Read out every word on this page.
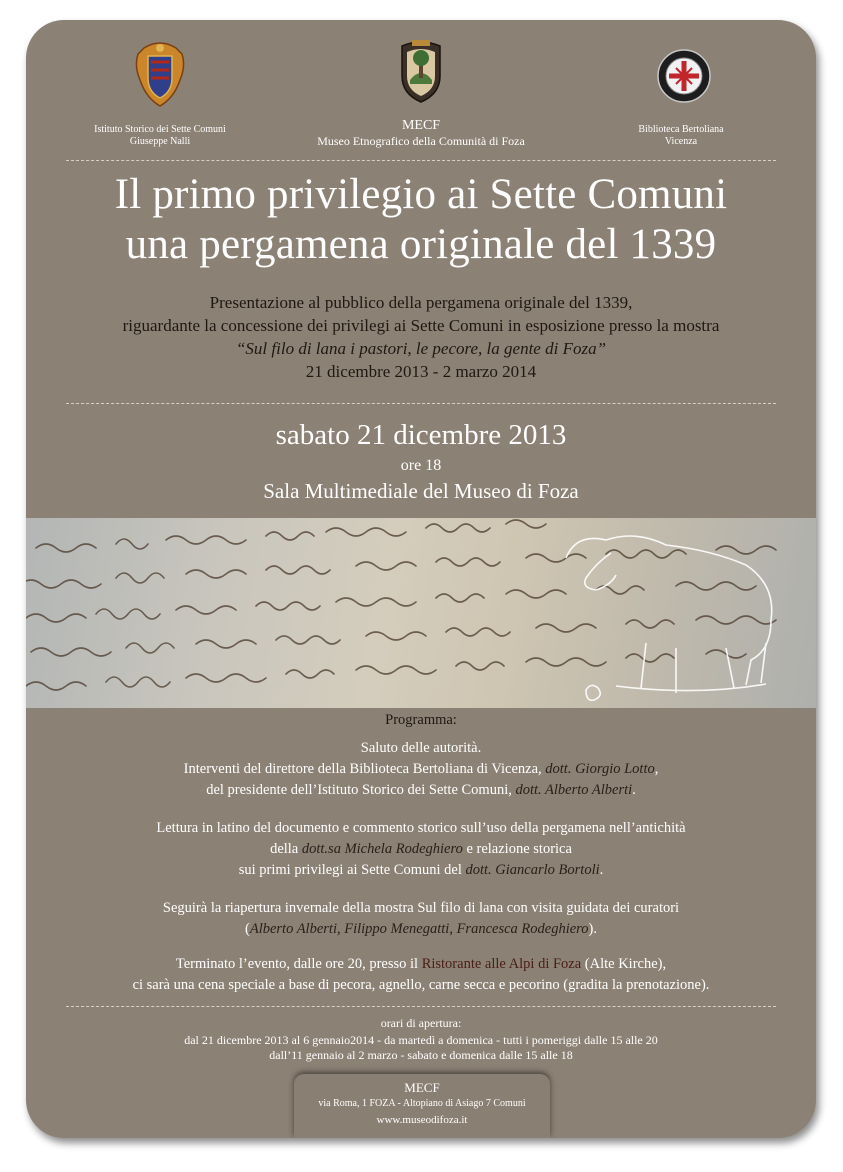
Istituto Storico dei Sette Comuni
Giuseppe Nalli
MECF
Museo Etnografico della Comunità di Foza
Biblioteca Bertoliana
Vicenza
Il primo privilegio ai Sette Comuni
una pergamena originale del 1339
Presentazione al pubblico della pergamena originale del 1339,
riguardante la concessione dei privilegi ai Sette Comuni in esposizione presso la mostra
“Sul filo di lana i pastori, le pecore, la gente di Foza”
21 dicembre 2013 - 2 marzo 2014
sabato 21 dicembre 2013
ore 18
Sala Multimediale del Museo di Foza
Programma:
Saluto delle autorità.
Interventi del direttore della Biblioteca Bertoliana di Vicenza, dott. Giorgio Lotto,
del presidente dell’Istituto Storico dei Sette Comuni, dott. Alberto Alberti.
Lettura in latino del documento e commento storico sull’uso della pergamena nell’antichità
della dott.sa Michela Rodeghiero e relazione storica
sui primi privilegi ai Sette Comuni del dott. Giancarlo Bortoli.
Seguirà la riapertura invernale della mostra Sul filo di lana con visita guidata dei curatori
(Alberto Alberti, Filippo Menegatti, Francesca Rodeghiero).
Terminato l’evento, dalle ore 20, presso il Ristorante alle Alpi di Foza (Alte Kirche),
ci sarà una cena speciale a base di pecora, agnello, carne secca e pecorino (gradita la prenotazione).
orari di apertura:
dal 21 dicembre 2013 al 6 gennaio2014 - da martedì a domenica - tutti i pomeriggi dalle 15 alle 20
dall’11 gennaio al 2 marzo - sabato e domenica dalle 15 alle 18
MECF
via Roma, 1 FOZA - Altopiano di Asiago 7 Comuni
www.museodifoza.it
